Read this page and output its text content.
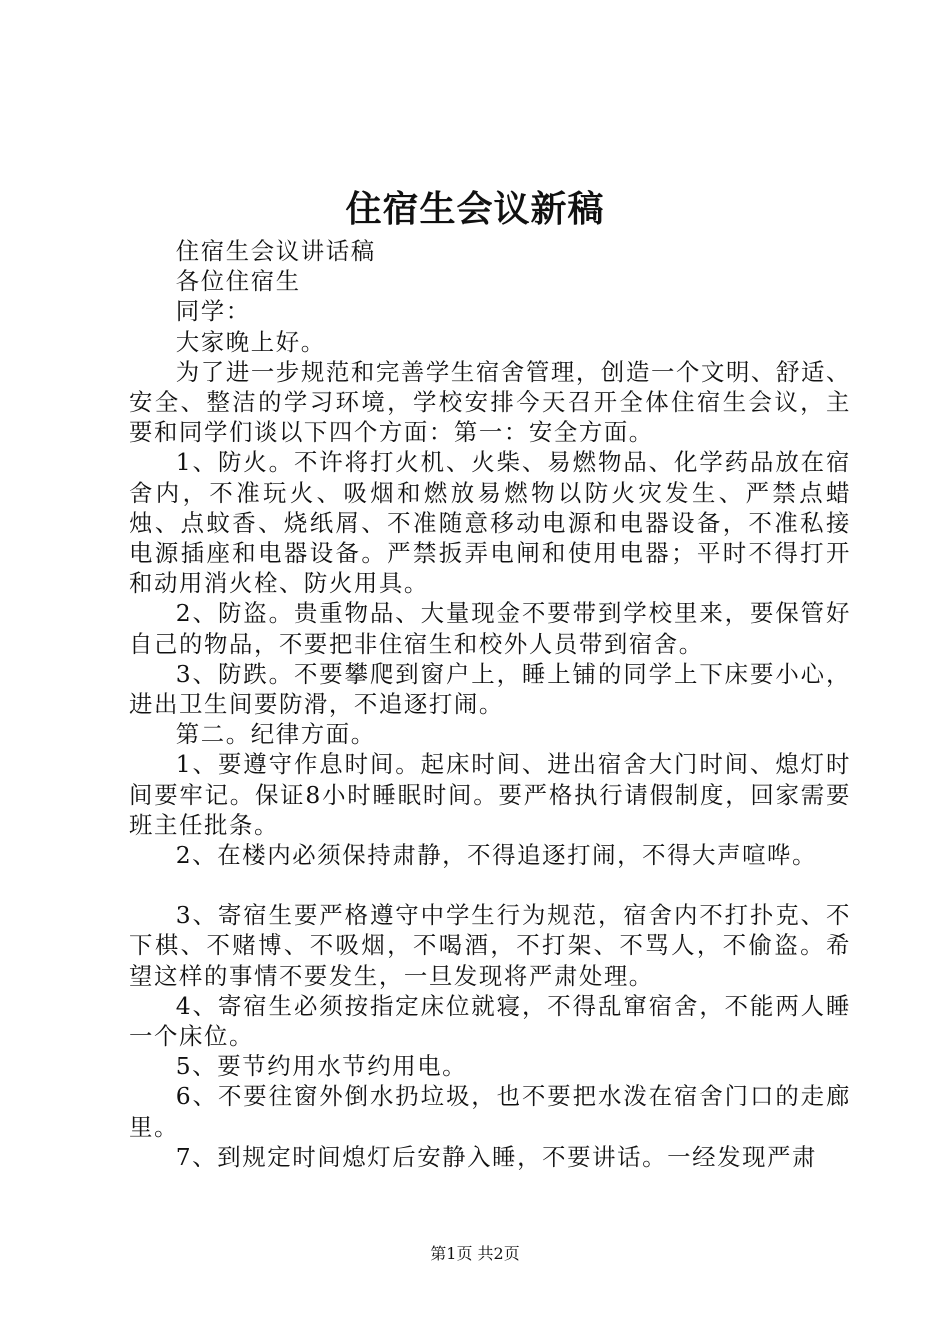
住宿生会议新稿

住宿生会议讲话稿

各位住宿生

同学：

大家晚上好。

为了进一步规范和完善学生宿舍管理，创造一个文明、舒适、安全、整洁的学习环境，学校安排今天召开全体住宿生会议，主要和同学们谈以下四个方面：第一：安全方面。

1、防火。不许将打火机、火柴、易燃物品、化学药品放在宿舍内，不准玩火、吸烟和燃放易燃物以防火灾发生、严禁点蜡烛、点蚊香、烧纸屑、不准随意移动电源和电器设备，不准私接电源插座和电器设备。严禁扳弄电闸和使用电器；平时不得打开和动用消火栓、防火用具。

2、防盗。贵重物品、大量现金不要带到学校里来，要保管好自己的物品，不要把非住宿生和校外人员带到宿舍。

3、防跌。不要攀爬到窗户上，睡上铺的同学上下床要小心，进出卫生间要防滑，不追逐打闹。

第二。纪律方面。

1、要遵守作息时间。起床时间、进出宿舍大门时间、熄灯时间要牢记。保证8小时睡眠时间。要严格执行请假制度，回家需要班主任批条。

2、在楼内必须保持肃静，不得追逐打闹，不得大声喧哗。

3、寄宿生要严格遵守中学生行为规范，宿舍内不打扑克、不下棋、不赌博、不吸烟，不喝酒，不打架、不骂人，不偷盗。希望这样的事情不要发生，一旦发现将严肃处理。

4、寄宿生必须按指定床位就寝，不得乱窜宿舍，不能两人睡一个床位。

5、要节约用水节约用电。

6、不要往窗外倒水扔垃圾，也不要把水泼在宿舍门口的走廊里。

7、到规定时间熄灯后安静入睡，不要讲话。一经发现严肃

第1页 共2页
